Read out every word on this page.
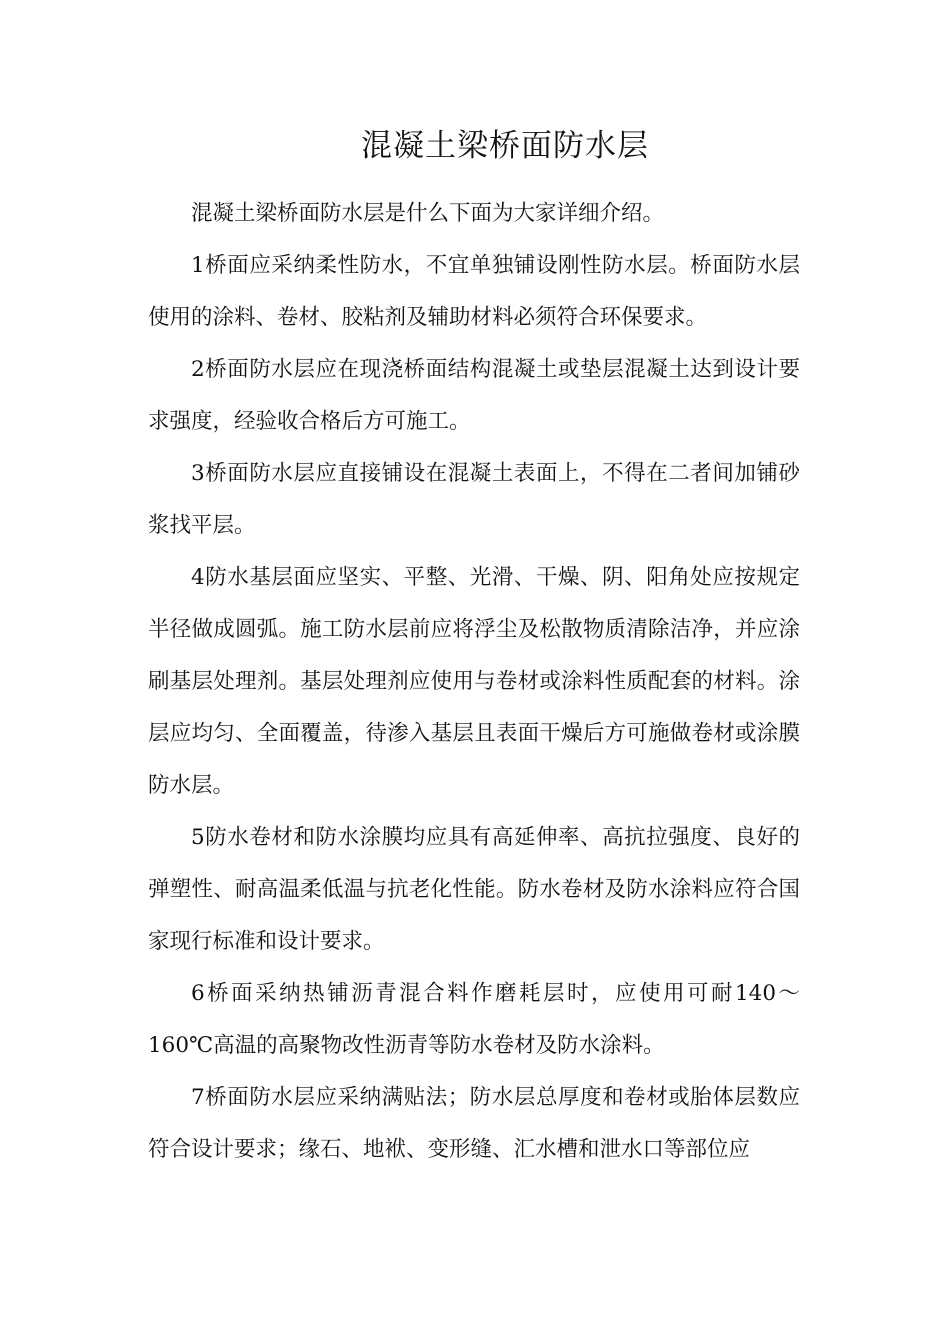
混凝土梁桥面防水层

混凝土梁桥面防水层是什么下面为大家详细介绍。

1桥面应采纳柔性防水，不宜单独铺设刚性防水层。桥面防水层使用的涂料、卷材、胶粘剂及辅助材料必须符合环保要求。

2桥面防水层应在现浇桥面结构混凝土或垫层混凝土达到设计要求强度，经验收合格后方可施工。

3桥面防水层应直接铺设在混凝土表面上，不得在二者间加铺砂浆找平层。

4防水基层面应坚实、平整、光滑、干燥、阴、阳角处应按规定半径做成圆弧。施工防水层前应将浮尘及松散物质清除洁净，并应涂刷基层处理剂。基层处理剂应使用与卷材或涂料性质配套的材料。涂层应均匀、全面覆盖，待渗入基层且表面干燥后方可施做卷材或涂膜防水层。

5防水卷材和防水涂膜均应具有高延伸率、高抗拉强度、良好的弹塑性、耐高温柔低温与抗老化性能。防水卷材及防水涂料应符合国家现行标准和设计要求。

6桥面采纳热铺沥青混合料作磨耗层时，应使用可耐140～160℃高温的高聚物改性沥青等防水卷材及防水涂料。

7桥面防水层应采纳满贴法；防水层总厚度和卷材或胎体层数应符合设计要求；缘石、地袱、变形缝、汇水槽和泄水口等部位应
